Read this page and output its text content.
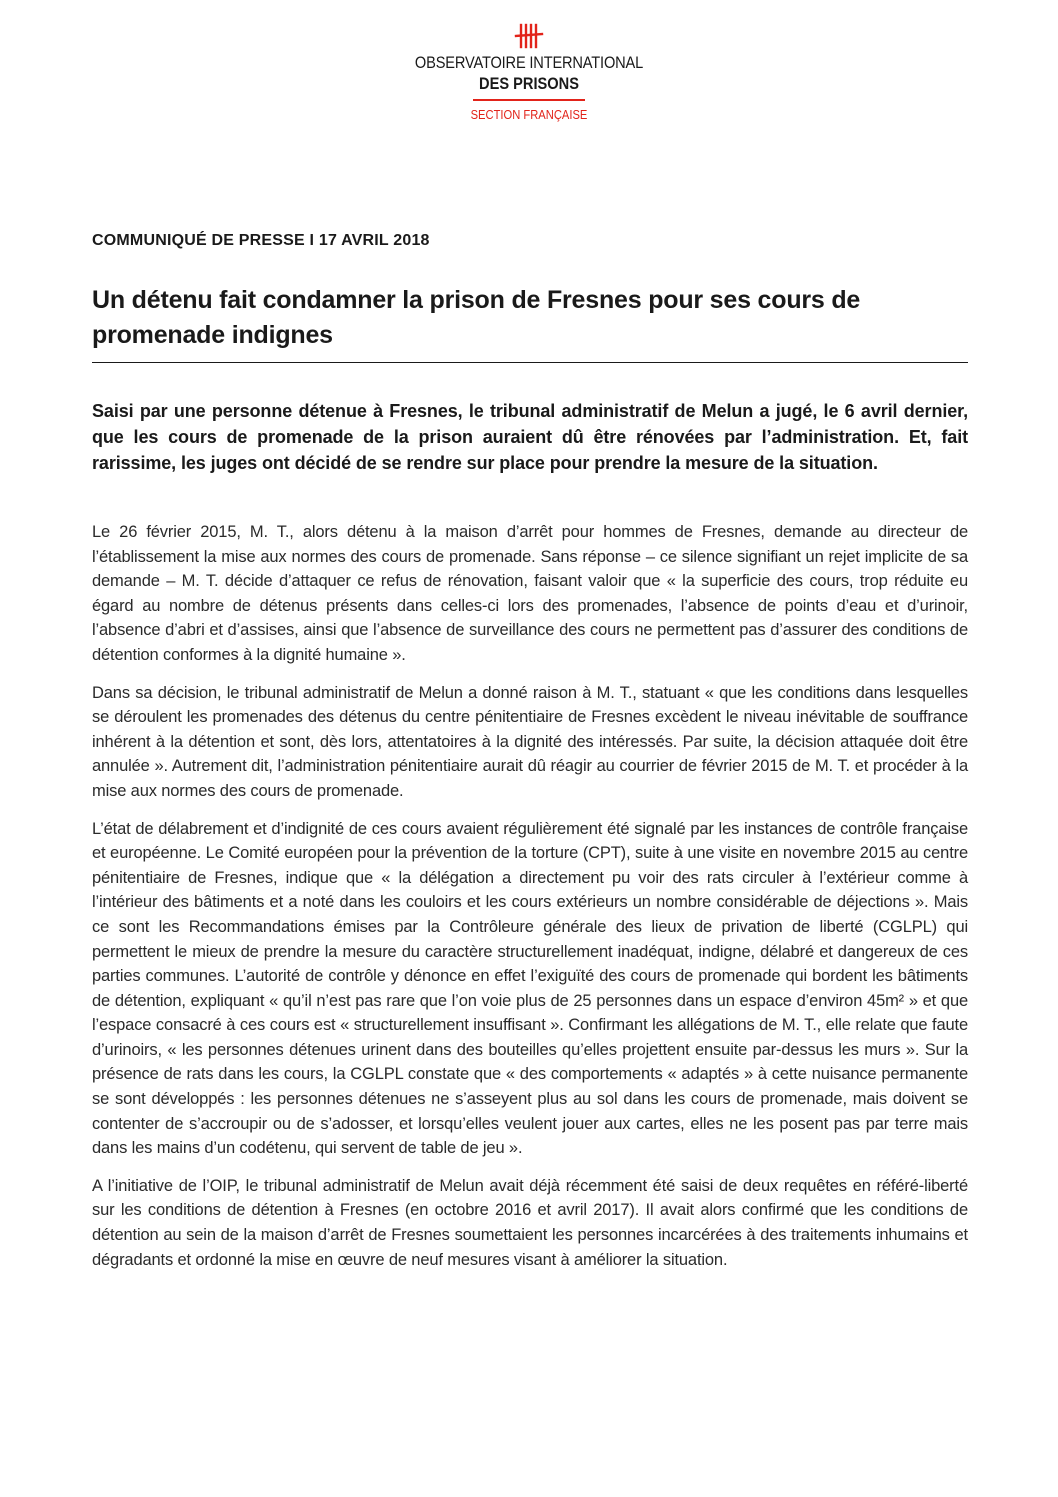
OBSERVATOIRE INTERNATIONAL
DES PRISONS
SECTION FRANÇAISE
COMMUNIQUÉ DE PRESSE I 17 AVRIL 2018
Un détenu fait condamner la prison de Fresnes pour ses cours de promenade indignes

Saisi par une personne détenue à Fresnes, le tribunal administratif de Melun a jugé, le 6 avril dernier, que les cours de promenade de la prison auraient dû être rénovées par l’administration. Et, fait rarissime, les juges ont décidé de se rendre sur place pour prendre la mesure de la situation.

Le 26 février 2015, M. T., alors détenu à la maison d’arrêt pour hommes de Fresnes, demande au directeur de l’établissement la mise aux normes des cours de promenade. Sans réponse – ce silence signifiant un rejet implicite de sa demande – M. T. décide d’attaquer ce refus de rénovation, faisant valoir que « la superficie des cours, trop réduite eu égard au nombre de détenus présents dans celles-ci lors des promenades, l’absence de points d’eau et d’urinoir, l’absence d’abri et d’assises, ainsi que l’absence de surveillance des cours ne permettent pas d’assurer des conditions de détention conformes à la dignité humaine ».

Dans sa décision, le tribunal administratif de Melun a donné raison à M. T., statuant « que les conditions dans lesquelles se déroulent les promenades des détenus du centre pénitentiaire de Fresnes excèdent le niveau inévitable de souffrance inhérent à la détention et sont, dès lors, attentatoires à la dignité des intéressés. Par suite, la décision attaquée doit être annulée ». Autrement dit, l’administration pénitentiaire aurait dû réagir au courrier de février 2015 de M. T. et procéder à la mise aux normes des cours de promenade.

L’état de délabrement et d’indignité de ces cours avaient régulièrement été signalé par les instances de contrôle française et européenne. Le Comité européen pour la prévention de la torture (CPT), suite à une visite en novembre 2015 au centre pénitentiaire de Fresnes, indique que « la délégation a directement pu voir des rats circuler à l’extérieur comme à l’intérieur des bâtiments et a noté dans les couloirs et les cours extérieurs un nombre considérable de déjections ». Mais ce sont les Recommandations émises par la Contrôleure générale des lieux de privation de liberté (CGLPL) qui permettent le mieux de prendre la mesure du caractère structurellement inadéquat, indigne, délabré et dangereux de ces parties communes. L’autorité de contrôle y dénonce en effet l’exiguïté des cours de promenade qui bordent les bâtiments de détention, expliquant « qu’il n’est pas rare que l’on voie plus de 25 personnes dans un espace d’environ 45m² » et que l’espace consacré à ces cours est « structurellement insuffisant ». Confirmant les allégations de M. T., elle relate que faute d’urinoirs, « les personnes détenues urinent dans des bouteilles qu’elles projettent ensuite par-dessus les murs ». Sur la présence de rats dans les cours, la CGLPL constate que « des comportements « adaptés » à cette nuisance permanente se sont développés : les personnes détenues ne s’asseyent plus au sol dans les cours de promenade, mais doivent se contenter de s’accroupir ou de s’adosser, et lorsqu’elles veulent jouer aux cartes, elles ne les posent pas par terre mais dans les mains d’un codétenu, qui servent de table de jeu ».

A l’initiative de l’OIP, le tribunal administratif de Melun avait déjà récemment été saisi de deux requêtes en référé-liberté sur les conditions de détention à Fresnes (en octobre 2016 et avril 2017). Il avait alors confirmé que les conditions de détention au sein de la maison d’arrêt de Fresnes soumettaient les personnes incarcérées à des traitements inhumains et dégradants et ordonné la mise en œuvre de neuf mesures visant à améliorer la situation.
